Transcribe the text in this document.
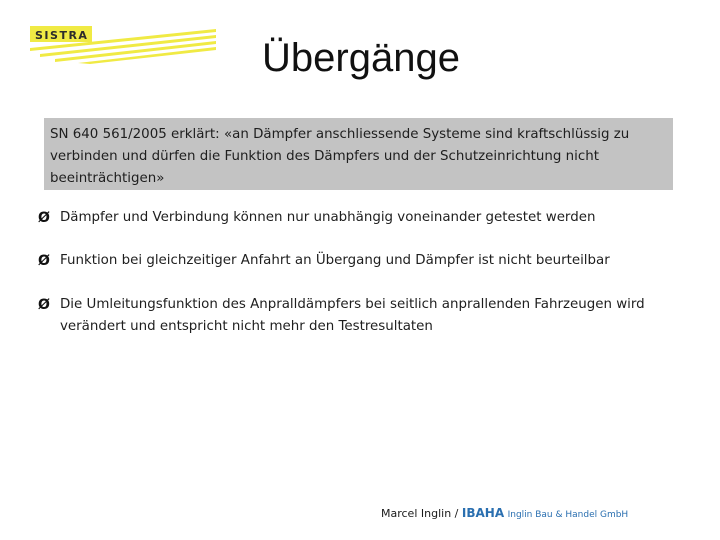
SISTRA
Übergänge
SN 640 561/2005 erklärt: «an Dämpfer anschliessende Systeme sind kraftschlüssig zu verbinden und dürfen die Funktion des Dämpfers und der Schutzeinrichtung nicht beeinträchtigen»
Ø Dämpfer und Verbindung können nur unabhängig voneinander getestet werden
Ø Funktion bei gleichzeitiger Anfahrt an Übergang und Dämpfer ist nicht beurteilbar
Ø Die Umleitungsfunktion des Anpralldämpfers bei seitlich anprallenden Fahrzeugen wird verändert und entspricht nicht mehr den Testresultaten
Marcel Inglin / IBAHA Inglin Bau & Handel GmbH
